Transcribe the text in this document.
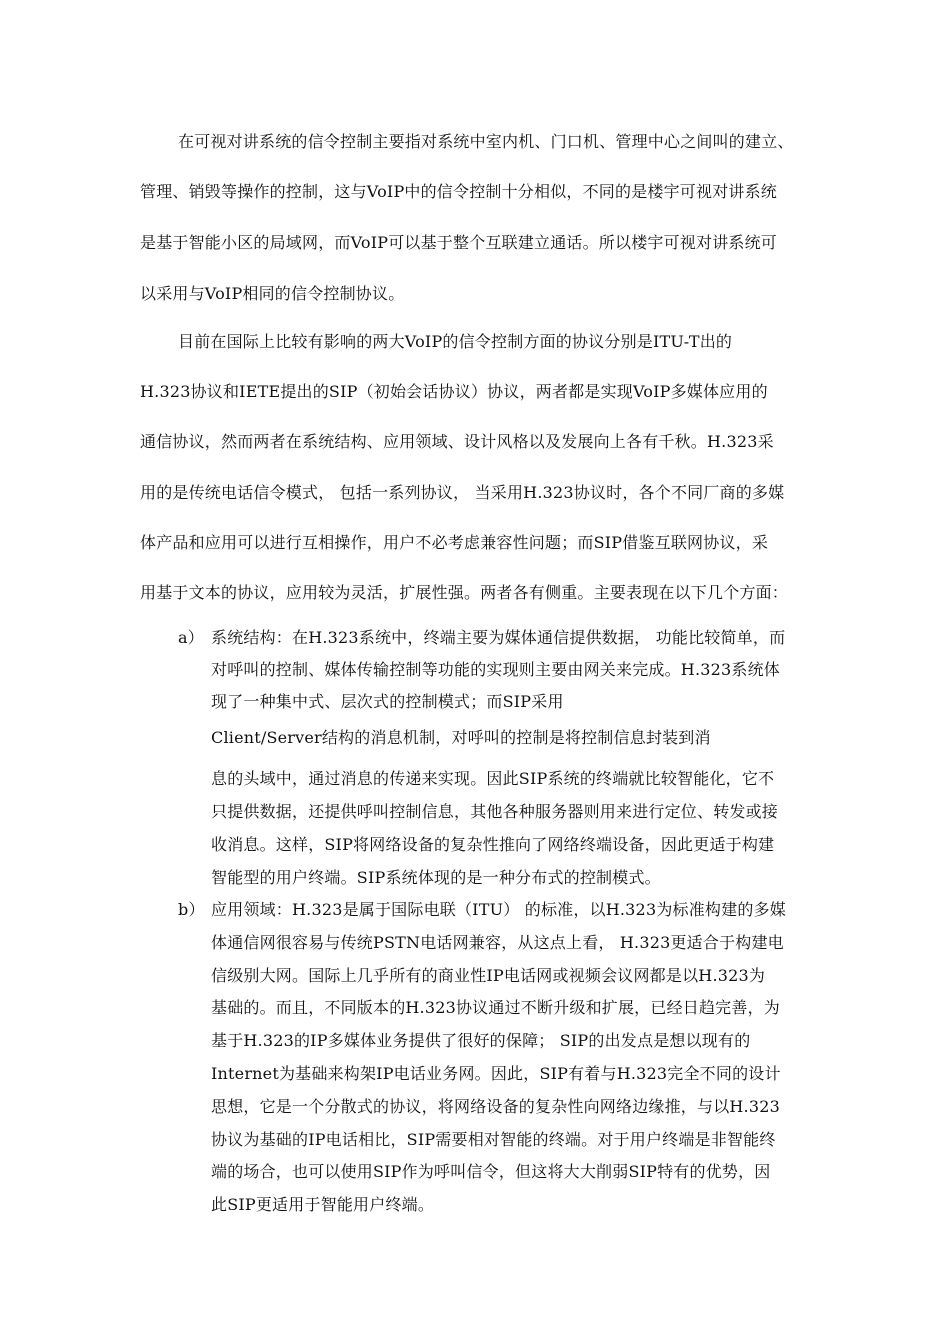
在可视对讲系统的信令控制主要指对系统中室内机、门口机、管理中心之间叫的建立、
管理、销毁等操作的控制，这与VoIP中的信令控制十分相似，不同的是楼宇可视对讲系统
是基于智能小区的局域网，而VoIP可以基于整个互联建立通话。所以楼宇可视对讲系统可
以采用与VoIP相同的信令控制协议。
目前在国际上比较有影响的两大VoIP的信令控制方面的协议分别是ITU-T出的
H.323协议和IETE提出的SIP（初始会话协议）协议，两者都是实现VoIP多媒体应用的
通信协议，然而两者在系统结构、应用领域、设计风格以及发展向上各有千秋。H.323采
用的是传统电话信令模式， 包括一系列协议， 当采用H.323协议时，各个不同厂商的多媒
体产品和应用可以进行互相操作，用户不必考虑兼容性问题；而SIP借鉴互联网协议，采
用基于文本的协议，应用较为灵活，扩展性强。两者各有侧重。主要表现在以下几个方面：
a） 系统结构：在H.323系统中，终端主要为媒体通信提供数据， 功能比较简单，而
对呼叫的控制、媒体传输控制等功能的实现则主要由网关来完成。H.323系统体
现了一种集中式、层次式的控制模式；而SIP采用
Client/Server结构的消息机制，对呼叫的控制是将控制信息封装到消
息的头域中，通过消息的传递来实现。因此SIP系统的终端就比较智能化，它不
只提供数据，还提供呼叫控制信息，其他各种服务器则用来进行定位、转发或接
收消息。这样，SIP将网络设备的复杂性推向了网络终端设备，因此更适于构建
智能型的用户终端。SIP系统体现的是一种分布式的控制模式。
b） 应用领域：H.323是属于国际电联（ITU） 的标准，以H.323为标准构建的多媒
体通信网很容易与传统PSTN电话网兼容，从这点上看， H.323更适合于构建电
信级别大网。国际上几乎所有的商业性IP电话网或视频会议网都是以H.323为
基础的。而且，不同版本的H.323协议通过不断升级和扩展，已经日趋完善，为
基于H.323的IP多媒体业务提供了很好的保障； SIP的出发点是想以现有的
Internet为基础来构架IP电话业务网。因此，SIP有着与H.323完全不同的设计
思想，它是一个分散式的协议，将网络设备的复杂性向网络边缘推，与以H.323
协议为基础的IP电话相比，SIP需要相对智能的终端。对于用户终端是非智能终
端的场合，也可以使用SIP作为呼叫信令，但这将大大削弱SIP特有的优势，因
此SIP更适用于智能用户终端。
